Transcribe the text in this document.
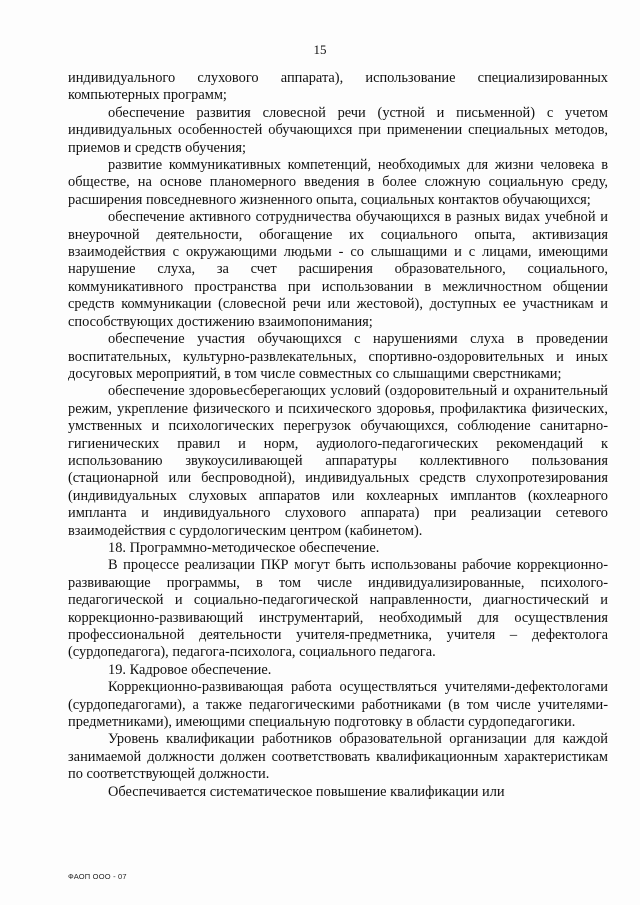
15

индивидуального слухового аппарата), использование специализированных компьютерных программ;

обеспечение развития словесной речи (устной и письменной) с учетом индивидуальных особенностей обучающихся при применении специальных методов, приемов и средств обучения;

развитие коммуникативных компетенций, необходимых для жизни человека в обществе, на основе планомерного введения в более сложную социальную среду, расширения повседневного жизненного опыта, социальных контактов обучающихся;

обеспечение активного сотрудничества обучающихся в разных видах учебной и внеурочной деятельности, обогащение их социального опыта, активизация взаимодействия с окружающими людьми - со слышащими и с лицами, имеющими нарушение слуха, за счет расширения образовательного, социального, коммуникативного пространства при использовании в межличностном общении средств коммуникации (словесной речи или жестовой), доступных ее участникам и способствующих достижению взаимопонимания;

обеспечение участия обучающихся с нарушениями слуха в проведении воспитательных, культурно-развлекательных, спортивно-оздоровительных и иных досуговых мероприятий, в том числе совместных со слышащими сверстниками;

обеспечение здоровьесберегающих условий (оздоровительный и охранительный режим, укрепление физического и психического здоровья, профилактика физических, умственных и психологических перегрузок обучающихся, соблюдение санитарно-гигиенических правил и норм, аудиолого-педагогических рекомендаций к использованию звукоусиливающей аппаратуры коллективного пользования (стационарной или беспроводной), индивидуальных средств слухопротезирования (индивидуальных слуховых аппаратов или кохлеарных имплантов (кохлеарного импланта и индивидуального слухового аппарата) при реализации сетевого взаимодействия с сурдологическим центром (кабинетом).

18. Программно-методическое обеспечение.

В процессе реализации ПКР могут быть использованы рабочие коррекционно-развивающие программы, в том числе индивидуализированные, психолого-педагогической и социально-педагогической направленности, диагностический и коррекционно-развивающий инструментарий, необходимый для осуществления профессиональной деятельности учителя-предметника, учителя – дефектолога (сурдопедагога), педагога-психолога, социального педагога.

19. Кадровое обеспечение.

Коррекционно-развивающая работа осуществляться учителями-дефектологами (сурдопедагогами), а также педагогическими работниками (в том числе учителями-предметниками), имеющими специальную подготовку в области сурдопедагогики.

Уровень квалификации работников образовательной организации для каждой занимаемой должности должен соответствовать квалификационным характеристикам по соответствующей должности.

Обеспечивается систематическое повышение квалификации или

ФАОП ООО - 07
